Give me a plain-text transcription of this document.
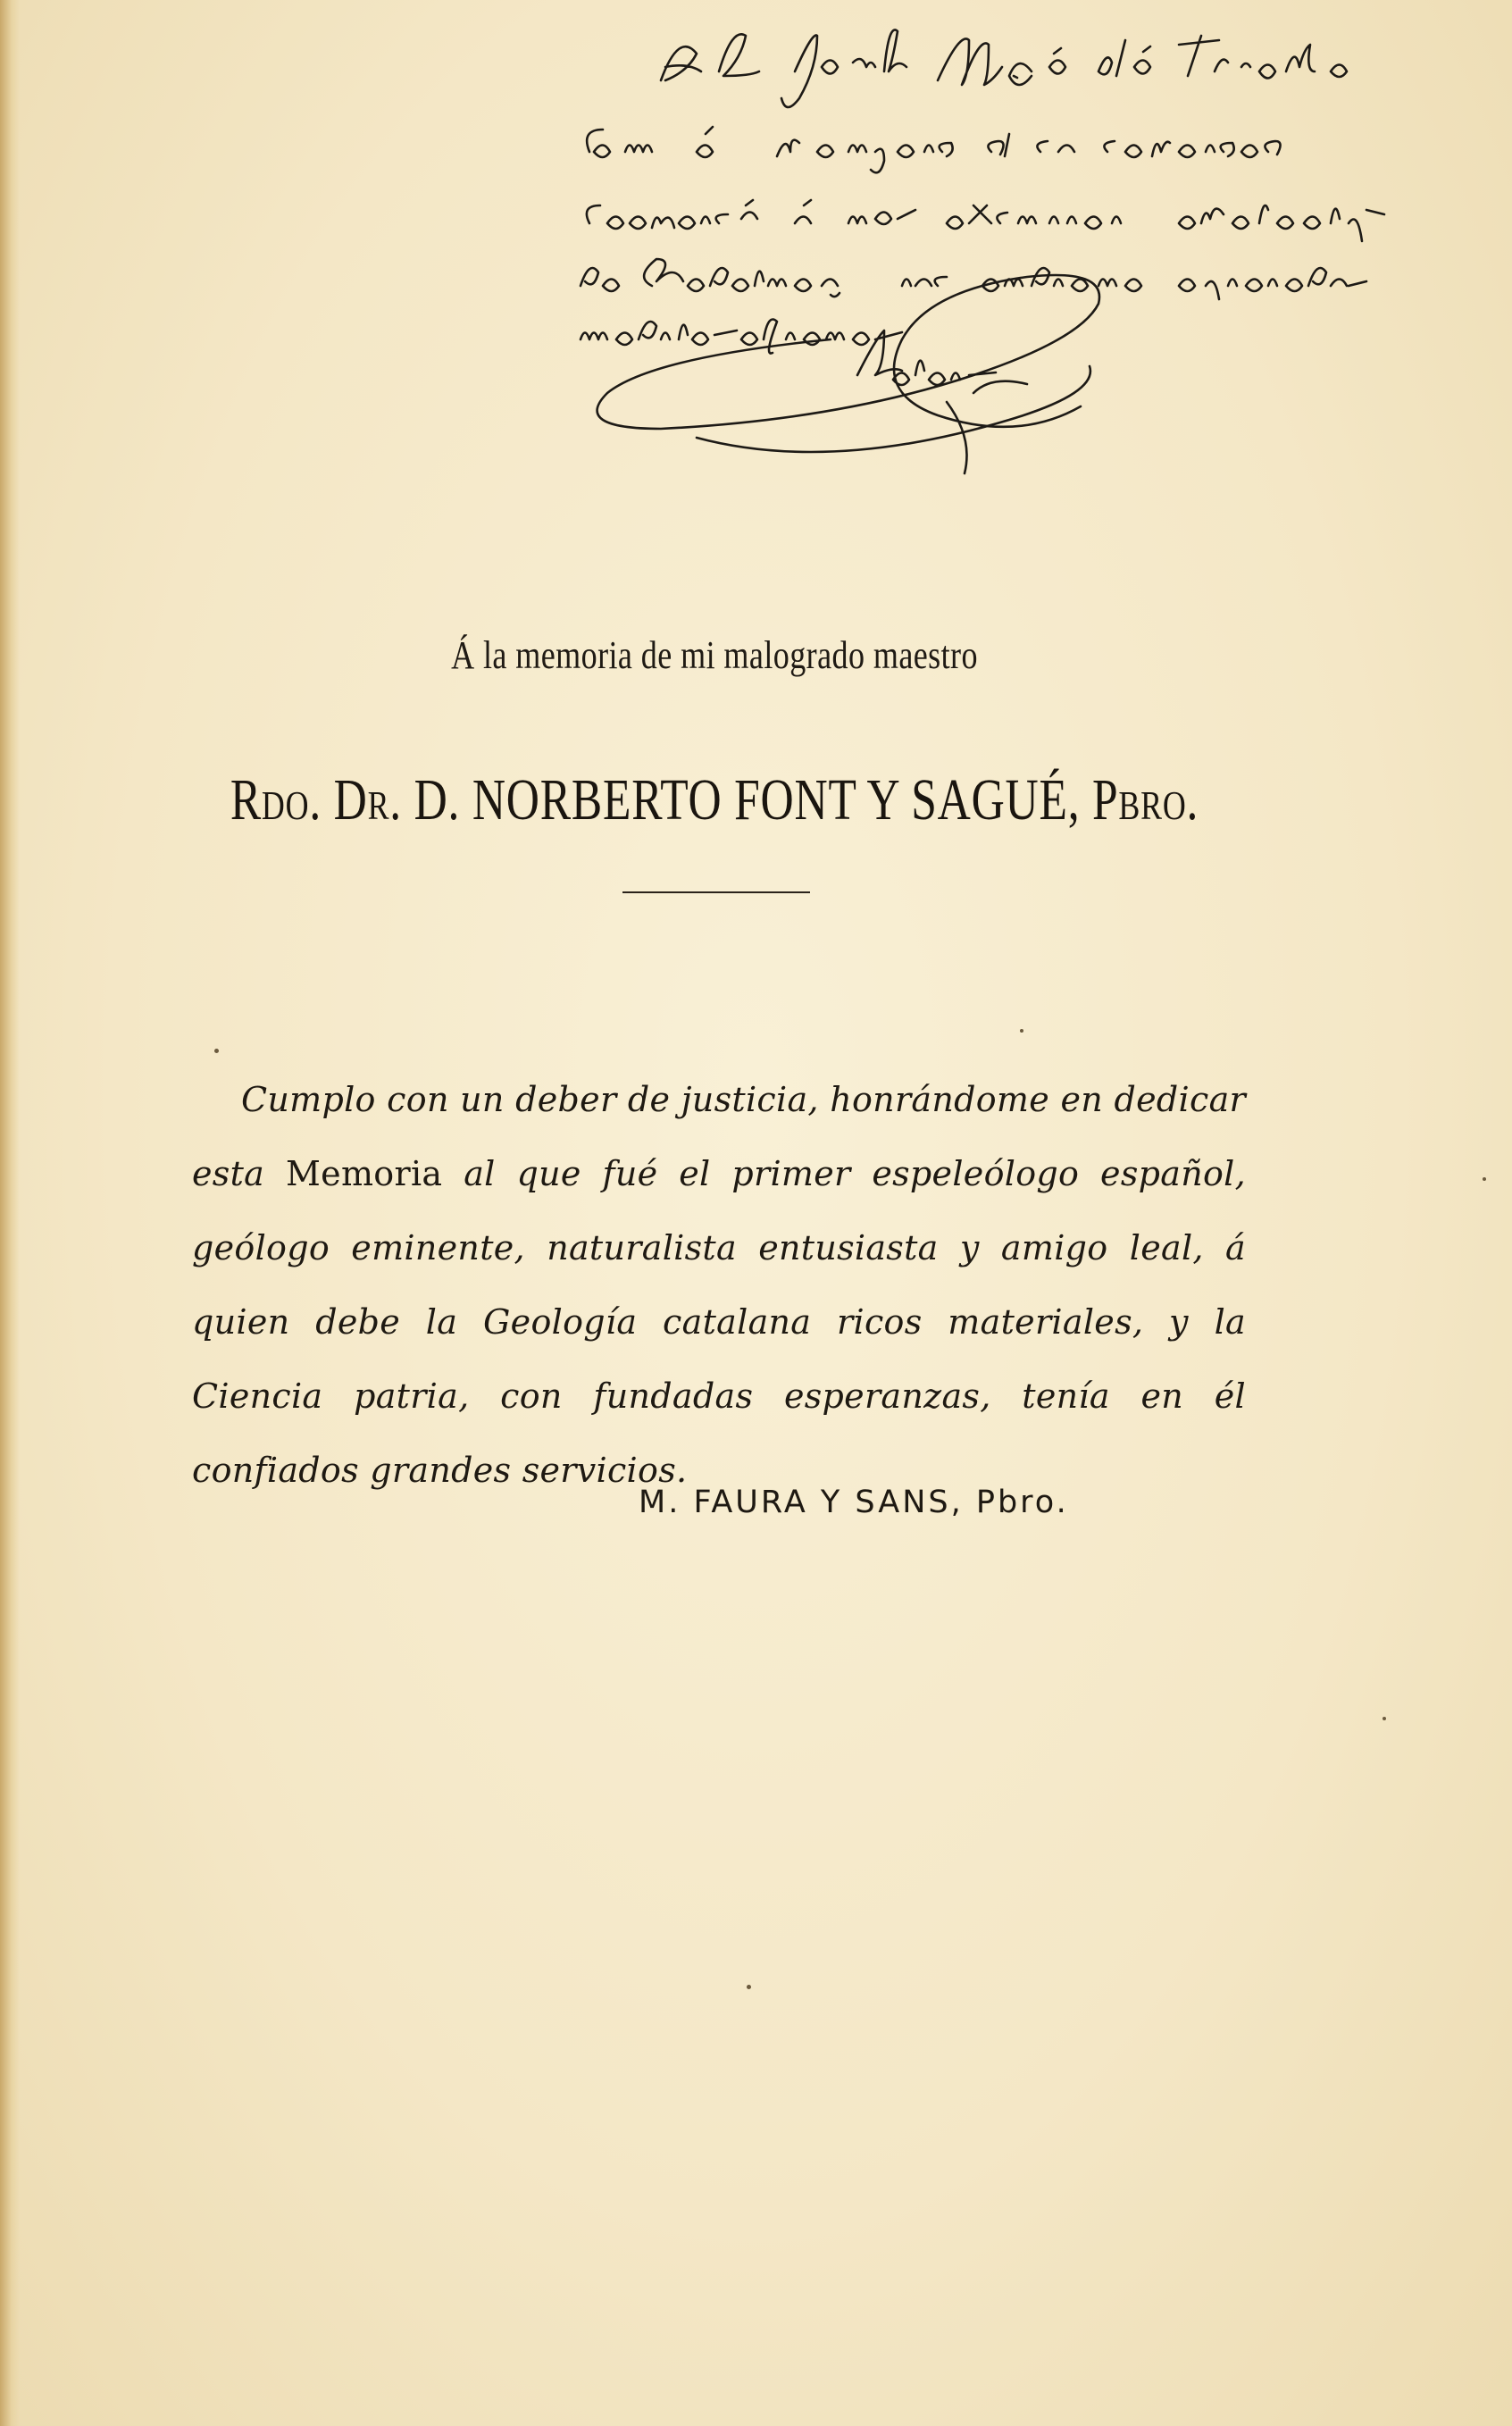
Á la memoria de mi malogrado maestro
Rdo. Dr. D. NORBERTO FONT Y SAGUÉ, Pbro.

Cumplo con un deber de justicia, honrándome en dedicar esta Memoria al que fué el primer espeleólogo español, geólogo eminente, naturalista entusiasta y amigo leal, á quien debe la Geología catalana ricos materiales, y la Ciencia patria, con fundadas esperanzas, tenía en él confiados grandes servicios.

M. FAURA Y SANS, Pbro.
